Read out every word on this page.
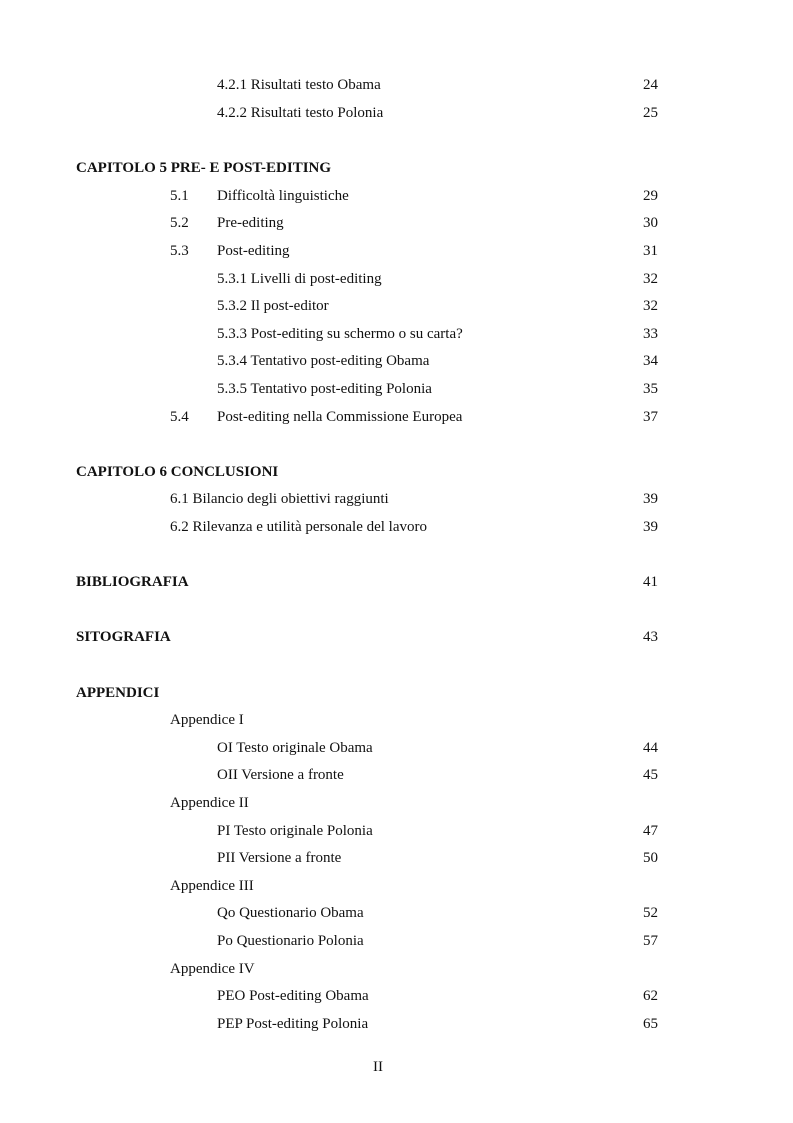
4.2.1 Risultati testo Obama	24
4.2.2 Risultati testo Polonia	25
CAPITOLO 5 PRE- E POST-EDITING
5.1 Difficoltà linguistiche	29
5.2 Pre-editing	30
5.3 Post-editing	31
5.3.1 Livelli di post-editing	32
5.3.2 Il post-editor	32
5.3.3 Post-editing su schermo o su carta?	33
5.3.4 Tentativo post-editing Obama	34
5.3.5 Tentativo post-editing Polonia	35
5.4 Post-editing nella Commissione Europea	37
CAPITOLO 6 CONCLUSIONI
6.1 Bilancio degli obiettivi raggiunti	39
6.2 Rilevanza e utilità personale del lavoro	39
BIBLIOGRAFIA	41
SITOGRAFIA	43
APPENDICI
Appendice I
OI Testo originale Obama	44
OII Versione a fronte	45
Appendice II
PI Testo originale Polonia	47
PII Versione a fronte	50
Appendice III
Qo Questionario Obama	52
Po Questionario Polonia	57
Appendice IV
PEO Post-editing Obama	62
PEP Post-editing Polonia	65
II
